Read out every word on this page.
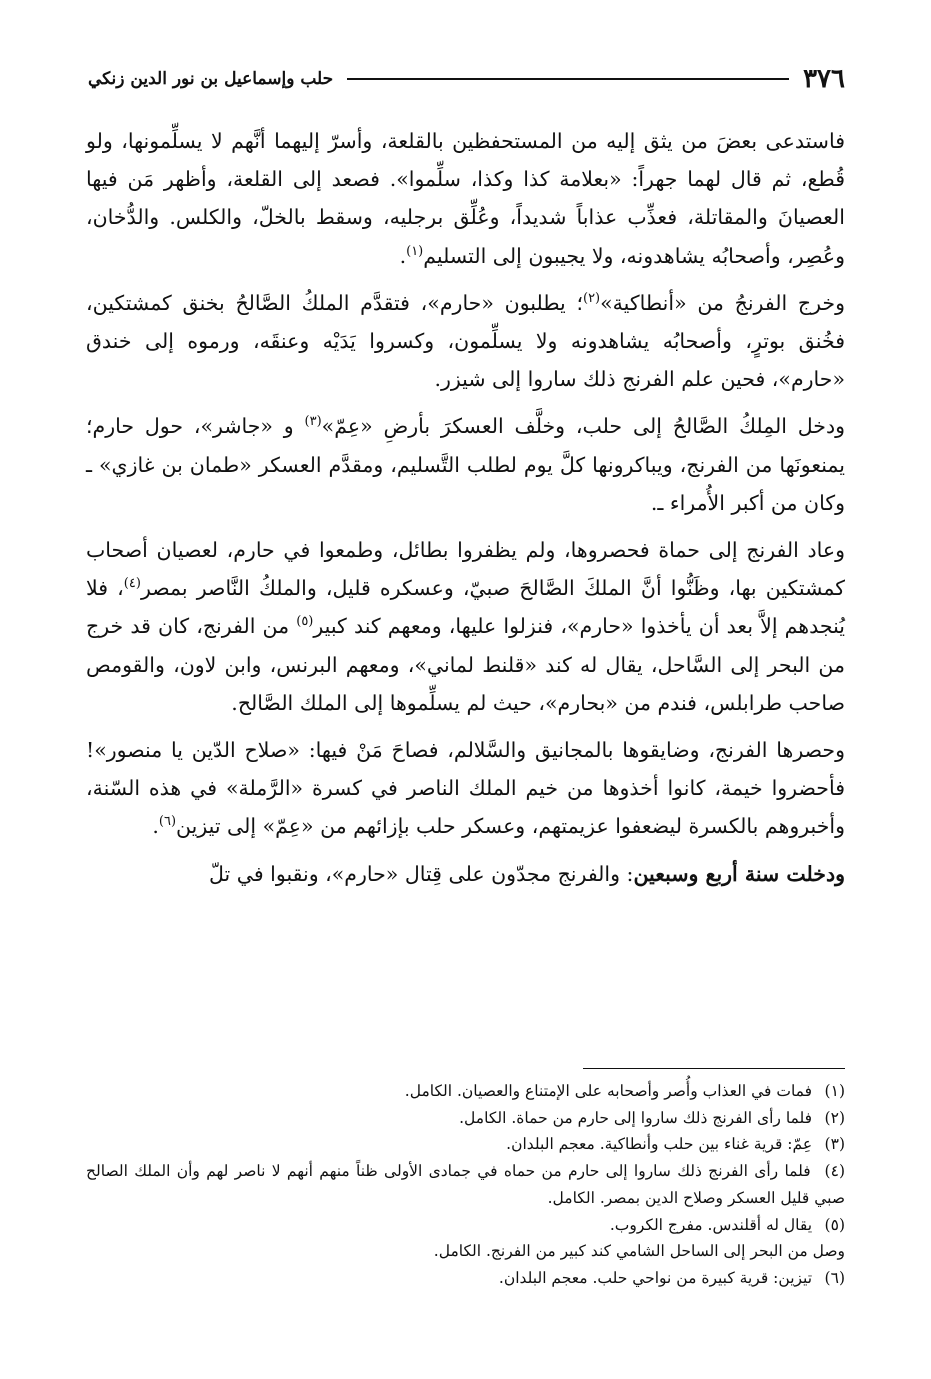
٣٧٦
حلب وإسماعيل بن نور الدين زنكي

فاستدعى بعضَ من يثق إليه من المستحفظين بالقلعة، وأسرّ إليهما أنَّهم لا يسلِّمونها، ولو قُطع، ثم قال لهما جهراً: «بعلامة كذا وكذا، سلِّموا». فصعد إلى القلعة، وأظهر مَن فيها العصيانَ والمقاتلة، فعذِّب عذاباً شديداً، وعُلِّق برجليه، وسقط بالخلّ، والكلس. والدُّخان، وعُصِر، وأصحابُه يشاهدونه، ولا يجيبون إلى التسليم$^{(١)}$.

وخرج الفرنجُ من «أنطاكية»$^{(٢)}$؛ يطلبون «حارم»، فتقدَّم الملكُ الصَّالحُ بخنق كمشتكين، فخُنق بوترٍ، وأصحابُه يشاهدونه ولا يسلِّمون، وكسروا يَدَيْه وعنقَه، ورموه إلى خندق «حارم»، فحين علم الفرنج ذلك ساروا إلى شيزر.

ودخل المِلكُ الصَّالحُ إلى حلب، وخلَّف العسكرَ بأرضِ «عِمّ»$^{(٣)}$ و «جاشر»، حول حارم؛ يمنعونَها من الفرنج، ويباكرونها كلَّ يوم لطلب التَّسليم، ومقدَّم العسكر «طمان بن غازي» ـ وكان من أكبر الأُمراء ـ.

وعاد الفرنج إلى حماة فحصروها، ولم يظفروا بطائل، وطمعوا في حارم، لعصيان أصحاب كمشتكين بها، وظَنُّوا أنَّ الملكَ الصَّالحَ صبيّ، وعسكره قليل، والملكُ النَّاصر بمصر$^{(٤)}$، فلا يُنجدهم إلاَّ بعد أن يأخذوا «حارم»، فنزلوا عليها، ومعهم كند كبير$^{(٥)}$ من الفرنج، كان قد خرج من البحر إلى السَّاحل، يقال له كند «قلنط لماني»، ومعهم البرنس، وابن لاون، والقومص صاحب طرابلس، فندم من «بحارم»، حيث لم يسلِّموها إلى الملك الصَّالح.

وحصرها الفرنج، وضايقوها بالمجانيق والسَّلالم، فصاحَ مَنْ فيها: «صلاح الدّين يا منصور»! فأحضروا خيمة، كانوا أخذوها من خيم الملك الناصر في كسرة «الرَّملة» في هذه السّنة، وأخبروهم بالكسرة ليضعفوا عزيمتهم، وعسكر حلب بإزائهم من «عِمّ» إلى تيزين$^{(٦)}$.

ودخلت سنة أربع وسبعين: والفرنج مجدّون على قِتال «حارم»، ونقبوا في تلّ

(١) فمات في العذاب وأُصر وأصحابه على الإمتناع والعصيان. الكامل.

(٢) فلما رأى الفرنج ذلك ساروا إلى حارم من حماة. الكامل.

(٣) عِمّ: قرية غناء بين حلب وأنطاكية. معجم البلدان.

(٤) فلما رأى الفرنج ذلك ساروا إلى حارم من حماه في جمادى الأولى ظناً منهم أنهم لا ناصر لهم وأن الملك الصالح صبي قليل العسكر وصلاح الدين بمصر. الكامل.

(٥) يقال له أقلندس. مفرج الكروب.

وصل من البحر إلى الساحل الشامي كند كبير من الفرنج. الكامل.

(٦) تيزين: قرية كبيرة من نواحي حلب. معجم البلدان.
